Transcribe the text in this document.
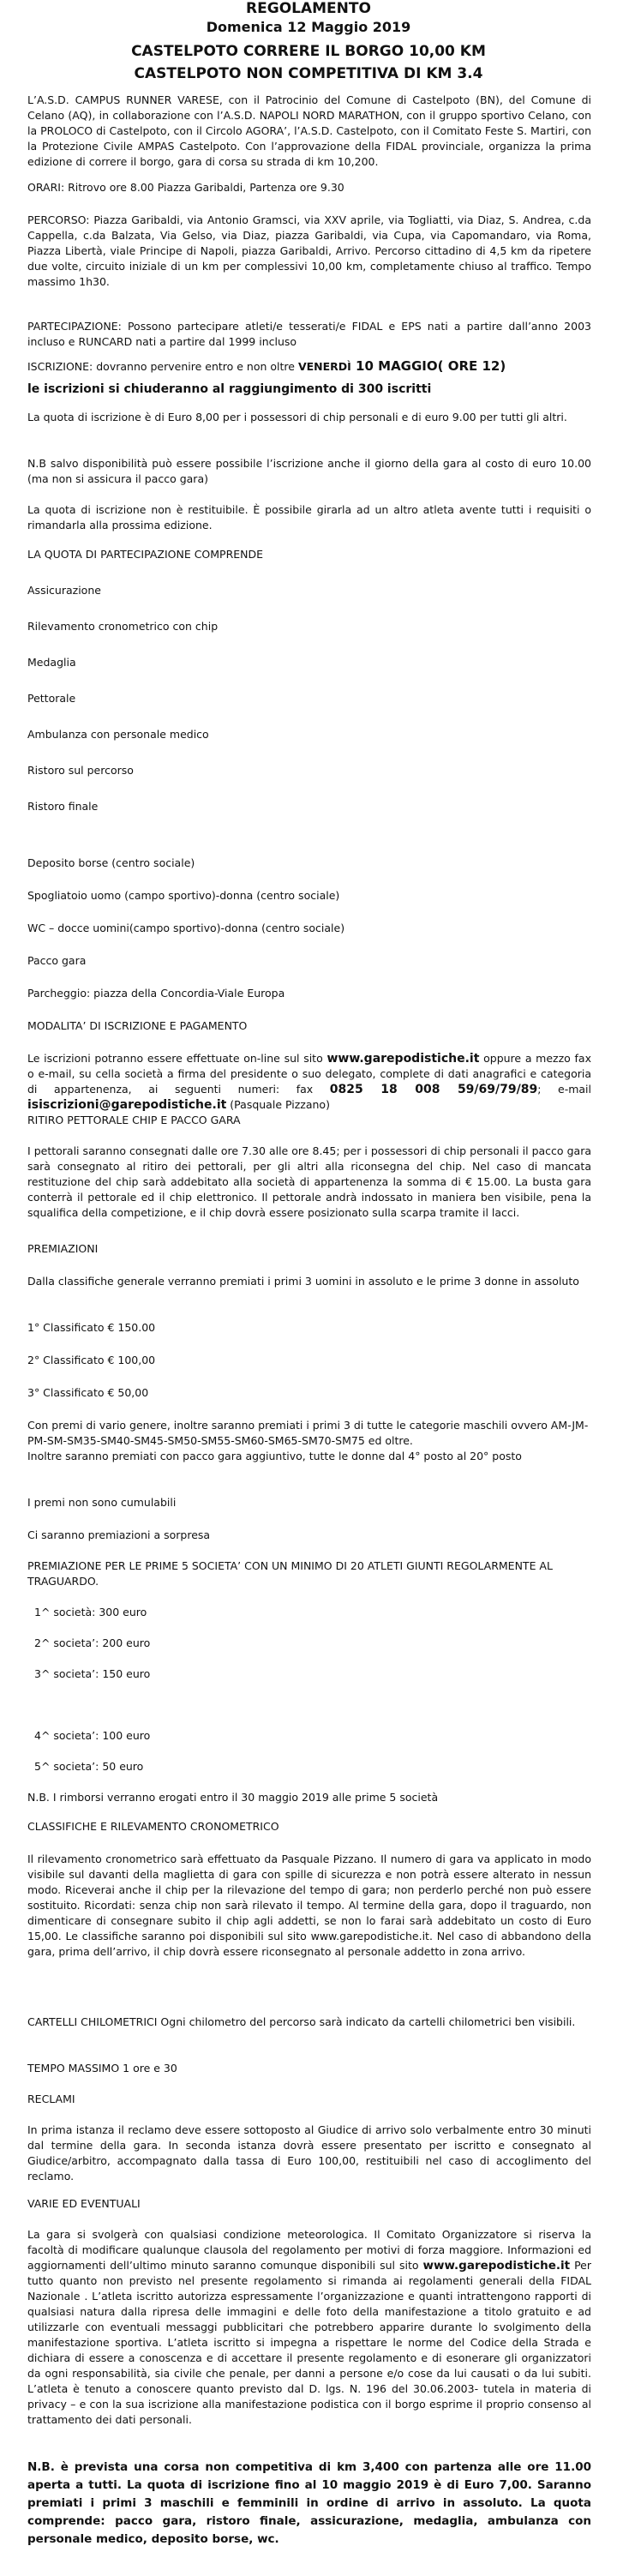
REGOLAMENTO
Domenica 12 Maggio 2019
CASTELPOTO CORRERE IL BORGO 10,00 KM
CASTELPOTO NON COMPETITIVA DI KM 3.4
L’A.S.D. CAMPUS RUNNER VARESE, con il Patrocinio del Comune di Castelpoto (BN), del Comune di Celano (AQ), in collaborazione con l’A.S.D. NAPOLI NORD MARATHON, con il gruppo sportivo Celano, con la PROLOCO di Castelpoto, con il Circolo AGORA’, l’A.S.D. Castelpoto, con il Comitato Feste S. Martiri, con la Protezione Civile AMPAS Castelpoto. Con l’approvazione della FIDAL provinciale, organizza la prima edizione di correre il borgo, gara di corsa su strada di km 10,200.
ORARI: Ritrovo ore 8.00 Piazza Garibaldi, Partenza ore 9.30
PERCORSO: Piazza Garibaldi, via Antonio Gramsci, via XXV aprile, via Togliatti, via Diaz, S. Andrea, c.da Cappella, c.da Balzata, Via Gelso, via Diaz, piazza Garibaldi, via Cupa, via Capomandaro, via Roma, Piazza Libertà, viale Principe di Napoli, piazza Garibaldi, Arrivo. Percorso cittadino di 4,5 km da ripetere due volte, circuito iniziale di un km per complessivi 10,00 km, completamente chiuso al traffico. Tempo massimo 1h30.
PARTECIPAZIONE: Possono partecipare atleti/e tesserati/e FIDAL e EPS nati a partire dall’anno 2003 incluso e RUNCARD nati a partire dal 1999 incluso
ISCRIZIONE: dovranno pervenire entro e non oltre VENERDÌ 10 MAGGIO( ORE 12)
le iscrizioni si chiuderanno al raggiungimento di 300 iscritti
La quota di iscrizione è di Euro 8,00 per i possessori di chip personali e di euro 9.00 per tutti gli altri.
N.B salvo disponibilità può essere possibile l’iscrizione anche il giorno della gara al costo di euro 10.00 (ma non si assicura il pacco gara)
La quota di iscrizione non è restituibile. È possibile girarla ad un altro atleta avente tutti i requisiti o rimandarla alla prossima edizione.
LA QUOTA DI PARTECIPAZIONE COMPRENDE
Assicurazione
Rilevamento cronometrico con chip
Medaglia
Pettorale
Ambulanza con personale medico
Ristoro sul percorso
Ristoro finale
Deposito borse (centro sociale)
Spogliatoio uomo (campo sportivo)-donna (centro sociale)
WC – docce uomini(campo sportivo)-donna (centro sociale)
Pacco gara
Parcheggio: piazza della Concordia-Viale Europa
MODALITA’ DI ISCRIZIONE E PAGAMENTO
Le iscrizioni potranno essere effettuate on-line sul sito www.garepodistiche.it oppure a mezzo fax o e-mail, su cella società a firma del presidente o suo delegato, complete di dati anagrafici e categoria di appartenenza, ai seguenti numeri: fax 0825 18 008 59/69/79/89; e-mail isiscrizioni@garepodistiche.it (Pasquale Pizzano)
RITIRO PETTORALE CHIP E PACCO GARA
I pettorali saranno consegnati dalle ore 7.30 alle ore 8.45; per i possessori di chip personali il pacco gara sarà consegnato al ritiro dei pettorali, per gli altri alla riconsegna del chip. Nel caso di mancata restituzione del chip sarà addebitato alla società di appartenenza la somma di € 15.00. La busta gara conterrà il pettorale ed il chip elettronico. Il pettorale andrà indossato in maniera ben visibile, pena la squalifica della competizione, e il chip dovrà essere posizionato sulla scarpa tramite il lacci.
PREMIAZIONI
Dalla classifiche generale verranno premiati i primi 3 uomini in assoluto e le prime 3 donne in assoluto
1° Classificato € 150.00
2° Classificato € 100,00
3° Classificato € 50,00
Con premi di vario genere, inoltre saranno premiati i primi 3 di tutte le categorie maschili ovvero AM-JM-PM-SM-SM35-SM40-SM45-SM50-SM55-SM60-SM65-SM70-SM75 ed oltre.
Inoltre saranno premiati con pacco gara aggiuntivo, tutte le donne dal 4° posto al 20° posto
I premi non sono cumulabili
Ci saranno premiazioni a sorpresa
PREMIAZIONE PER LE PRIME 5 SOCIETA’ CON UN MINIMO DI 20 ATLETI GIUNTI REGOLARMENTE AL TRAGUARDO.
1^ società: 300 euro
2^ societa’: 200 euro
3^ societa’: 150 euro
4^ societa’: 100 euro
5^ societa’: 50 euro
N.B. I rimborsi verranno erogati entro il 30 maggio 2019 alle prime 5 società
CLASSIFICHE E RILEVAMENTO CRONOMETRICO
Il rilevamento cronometrico sarà effettuato da Pasquale Pizzano. Il numero di gara va applicato in modo visibile sul davanti della maglietta di gara con spille di sicurezza e non potrà essere alterato in nessun modo. Riceverai anche il chip per la rilevazione del tempo di gara; non perderlo perché non può essere sostituito. Ricordati: senza chip non sarà rilevato il tempo. Al termine della gara, dopo il traguardo, non dimenticare di consegnare subito il chip agli addetti, se non lo farai sarà addebitato un costo di Euro 15,00. Le classifiche saranno poi disponibili sul sito www.garepodistiche.it. Nel caso di abbandono della gara, prima dell’arrivo, il chip dovrà essere riconsegnato al personale addetto in zona arrivo.
CARTELLI CHILOMETRICI Ogni chilometro del percorso sarà indicato da cartelli chilometrici ben visibili.
TEMPO MASSIMO 1 ore e 30
RECLAMI
In prima istanza il reclamo deve essere sottoposto al Giudice di arrivo solo verbalmente entro 30 minuti dal termine della gara. In seconda istanza dovrà essere presentato per iscritto e consegnato al Giudice/arbitro, accompagnato dalla tassa di Euro 100,00, restituibili nel caso di accoglimento del reclamo.
VARIE ED EVENTUALI
La gara si svolgerà con qualsiasi condizione meteorologica. Il Comitato Organizzatore si riserva la facoltà di modificare qualunque clausola del regolamento per motivi di forza maggiore. Informazioni ed aggiornamenti dell’ultimo minuto saranno comunque disponibili sul sito www.garepodistiche.it Per tutto quanto non previsto nel presente regolamento si rimanda ai regolamenti generali della FIDAL Nazionale . L’atleta iscritto autorizza espressamente l’organizzazione e quanti intrattengono rapporti di qualsiasi natura dalla ripresa delle immagini e delle foto della manifestazione a titolo gratuito e ad utilizzarle con eventuali messaggi pubblicitari che potrebbero apparire durante lo svolgimento della manifestazione sportiva. L’atleta iscritto si impegna a rispettare le norme del Codice della Strada e dichiara di essere a conoscenza e di accettare il presente regolamento e di esonerare gli organizzatori da ogni responsabilità, sia civile che penale, per danni a persone e/o cose da lui causati o da lui subiti. L’atleta è tenuto a conoscere quanto previsto dal D. lgs. N. 196 del 30.06.2003- tutela in materia di privacy – e con la sua iscrizione alla manifestazione podistica con il borgo esprime il proprio consenso al trattamento dei dati personali.
N.B. è prevista una corsa non competitiva di km 3,400 con partenza alle ore 11.00 aperta a tutti. La quota di iscrizione fino al 10 maggio 2019 è di Euro 7,00. Saranno premiati i primi 3 maschili e femminili in ordine di arrivo in assoluto. La quota comprende: pacco gara, ristoro finale, assicurazione, medaglia, ambulanza con personale medico, deposito borse, wc.
